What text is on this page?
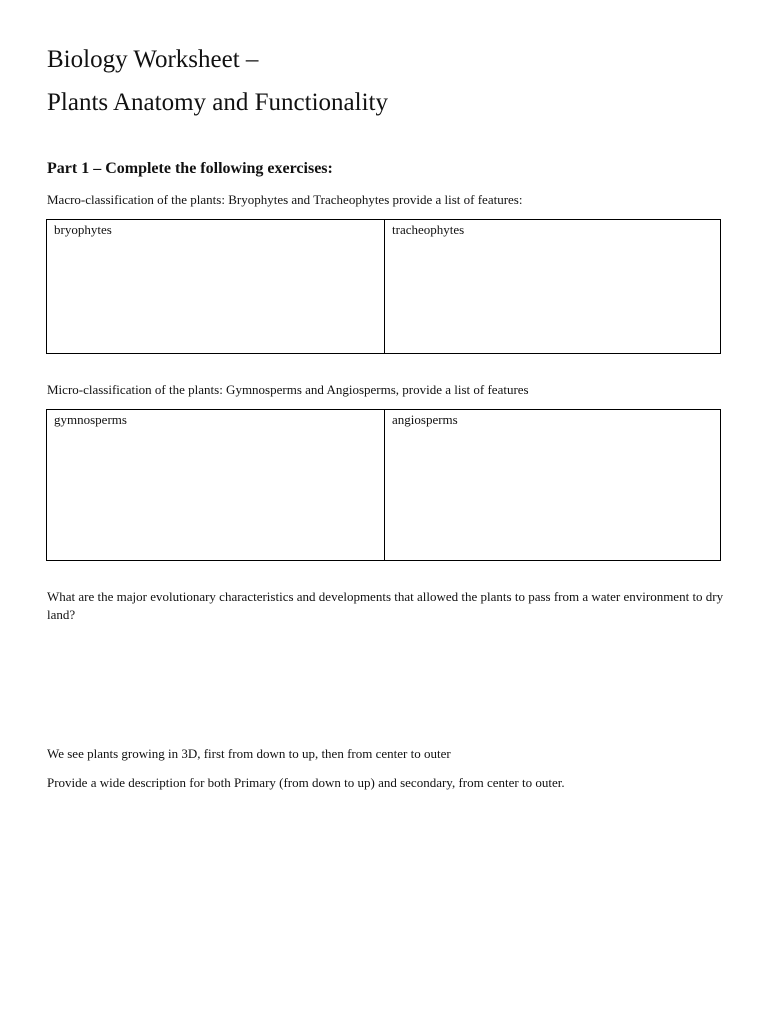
Biology Worksheet –
Plants Anatomy and Functionality
Part 1 – Complete the following exercises:
Macro-classification of the plants: Bryophytes and Tracheophytes provide a list of features:
bryophytes	tracheophytes
Micro-classification of the plants: Gymnosperms and Angiosperms, provide a list of features
gymnosperms	angiosperms
What are the major evolutionary characteristics and developments that allowed the plants to pass from a water environment to dry land?
We see plants growing in 3D, first from down to up, then from center to outer
Provide a wide description for both Primary (from down to up) and secondary, from center to outer.
